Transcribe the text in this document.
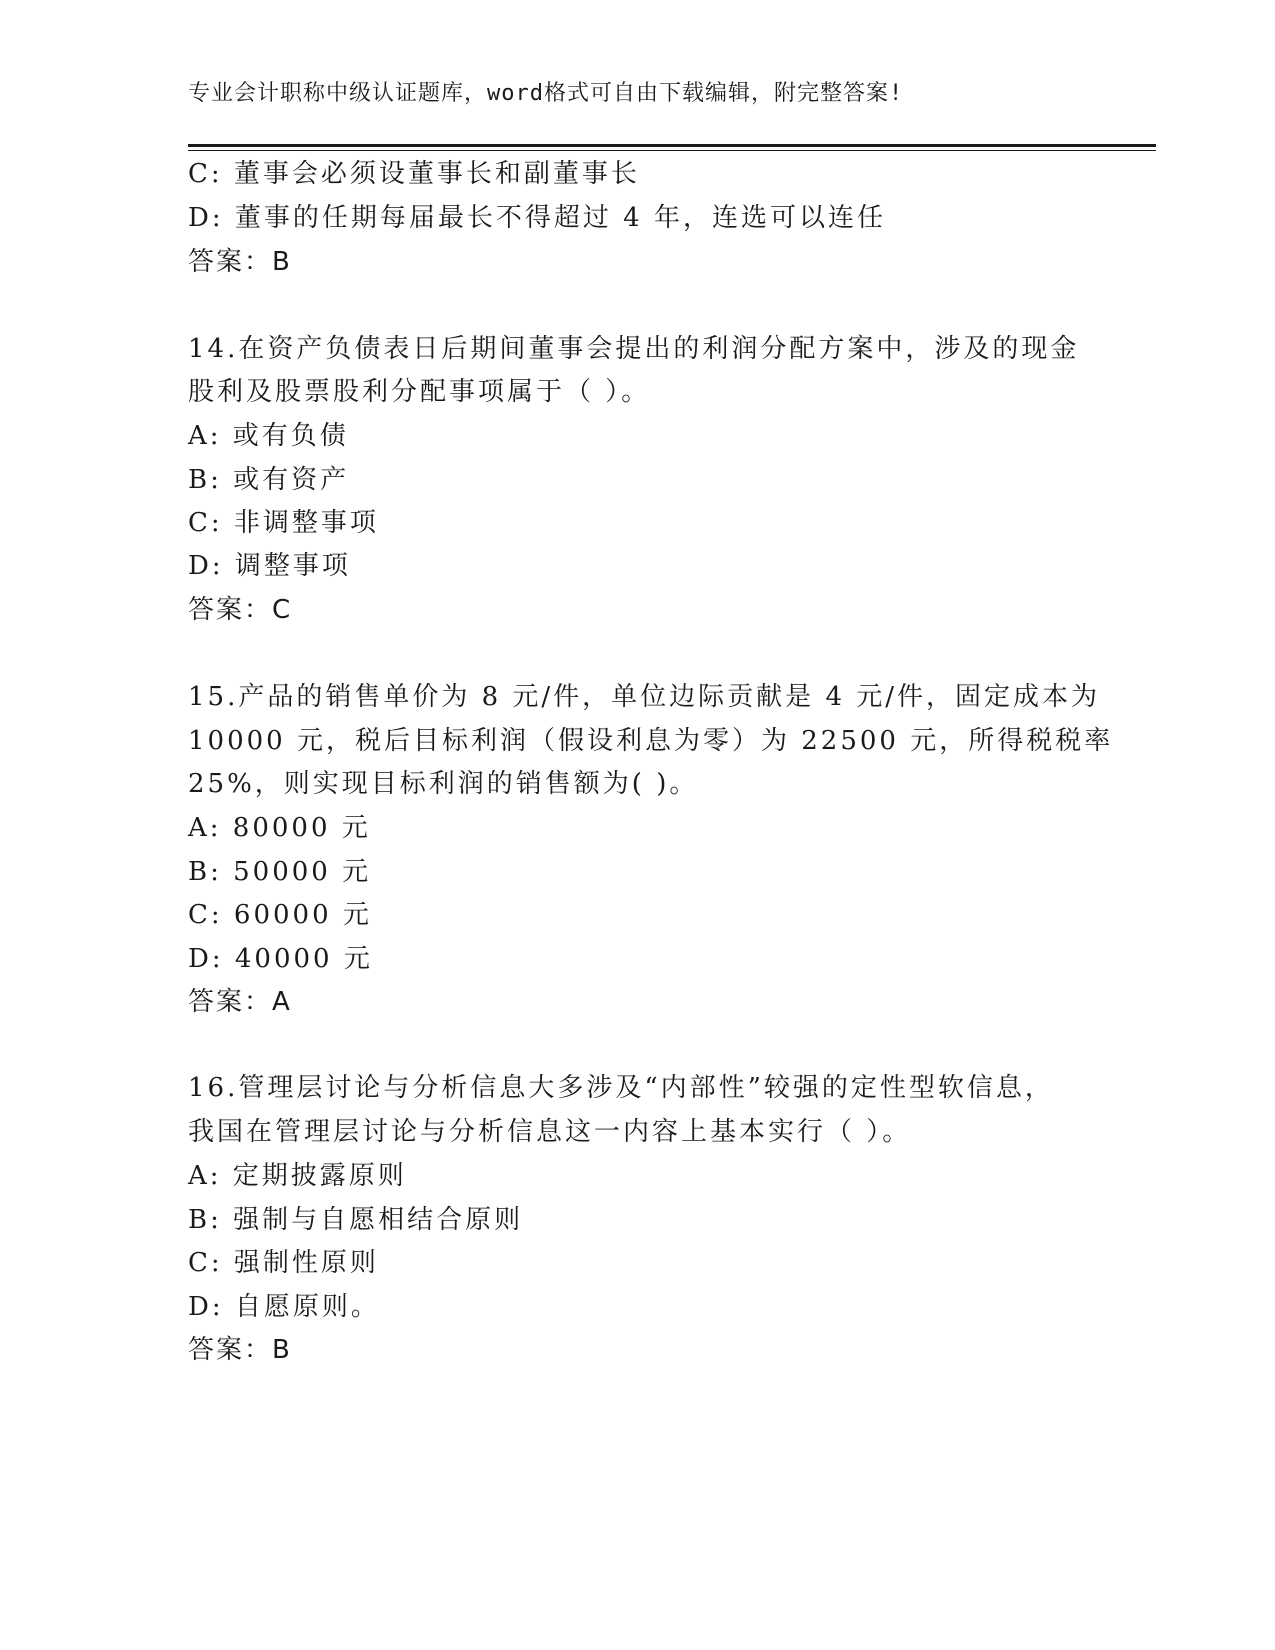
专业会计职称中级认证题库，word格式可自由下载编辑，附完整答案!
C: 董事会必须设董事长和副董事长
D: 董事的任期每届最长不得超过 4 年，连选可以连任
答案：B
14.在资产负债表日后期间董事会提出的利润分配方案中，涉及的现金
股利及股票股利分配事项属于（ ）。
A: 或有负债
B: 或有资产
C: 非调整事项
D: 调整事项
答案：C
15.产品的销售单价为 8 元/件，单位边际贡献是 4 元/件，固定成本为
10000 元，税后目标利润（假设利息为零）为 22500 元，所得税税率
25%，则实现目标利润的销售额为( )。
A: 80000 元
B: 50000 元
C: 60000 元
D: 40000 元
答案：A
16.管理层讨论与分析信息大多涉及“内部性”较强的定性型软信息，
我国在管理层讨论与分析信息这一内容上基本实行（ ）。
A: 定期披露原则
B: 强制与自愿相结合原则
C: 强制性原则
D: 自愿原则。
答案：B
